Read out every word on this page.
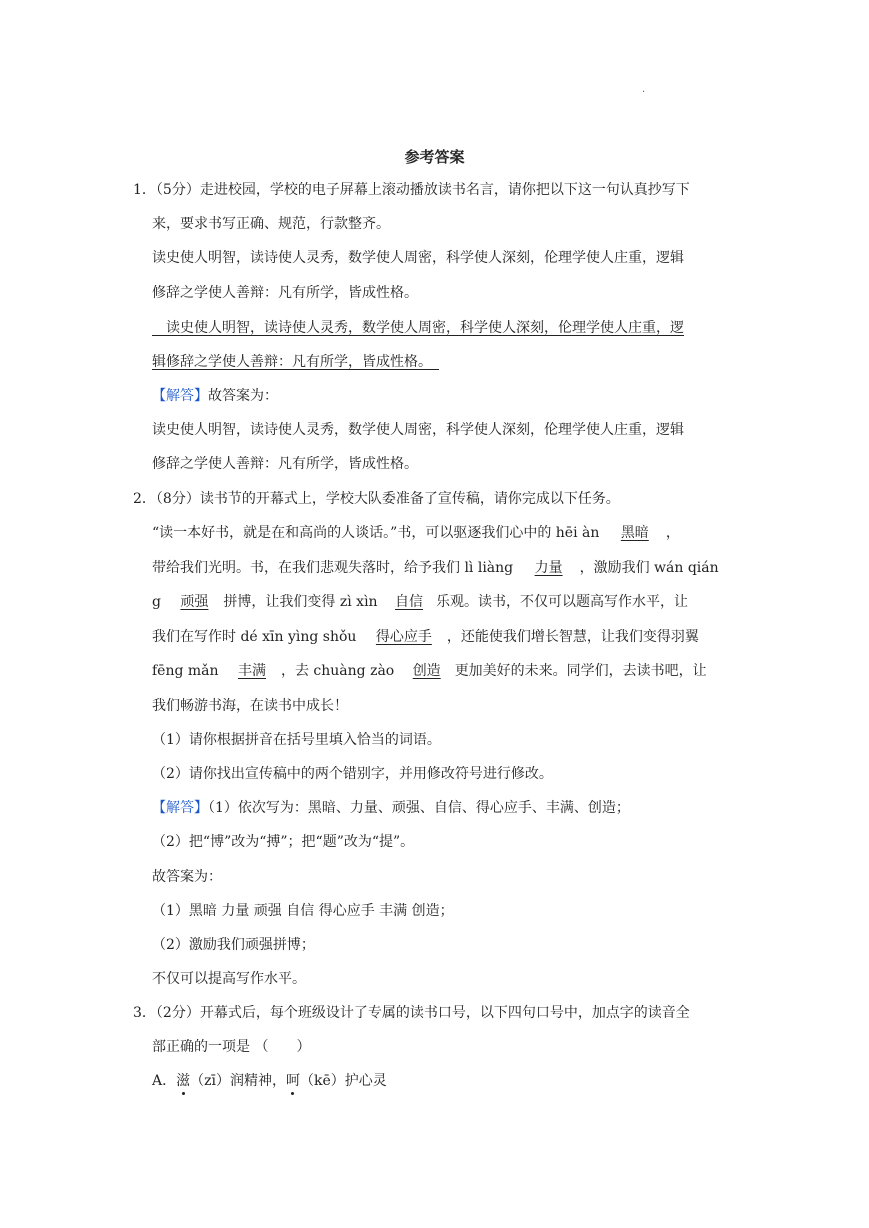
.
参考答案
1．（5分）走进校园，学校的电子屏幕上滚动播放读书名言，请你把以下这一句认真抄写下
来，要求书写正确、规范，行款整齐。
读史使人明智，读诗使人灵秀，数学使人周密，科学使人深刻，伦理学使人庄重，逻辑
修辞之学使人善辩：凡有所学，皆成性格。
　读史使人明智，读诗使人灵秀，数学使人周密，科学使人深刻，伦理学使人庄重，逻
辑修辞之学使人善辩：凡有所学，皆成性格。　
【解答】故答案为：
读史使人明智，读诗使人灵秀，数学使人周密，科学使人深刻，伦理学使人庄重，逻辑
修辞之学使人善辩：凡有所学，皆成性格。
2．（8分）读书节的开幕式上，学校大队委准备了宣传稿，请你完成以下任务。
“读一本好书，就是在和高尚的人谈话。”书，可以驱逐我们心中的 hēi àn 黑暗 ，
带给我们光明。书，在我们悲观失落时，给予我们 lì liàng 力量 ，激励我们 wán qián
g 顽强 拼博，让我们变得 zì xìn 自信 乐观。读书，不仅可以题高写作水平，让
我们在写作时 dé xīn yìng shǒu 得心应手 ，还能使我们增长智慧，让我们变得羽翼
fēng mǎn 丰满 ，去 chuàng zào 创造 更加美好的未来。同学们，去读书吧，让
我们畅游书海，在读书中成长！
（1）请你根据拼音在括号里填入恰当的词语。
（2）请你找出宣传稿中的两个错别字，并用修改符号进行修改。
【解答】（1）依次写为：黑暗、力量、顽强、自信、得心应手、丰满、创造；
（2）把“博”改为“搏”；把“题”改为“提”。
故答案为：
（1）黑暗 力量 顽强 自信 得心应手 丰满 创造；
（2）激励我们顽强拼博；
不仅可以提高写作水平。
3．（2分）开幕式后，每个班级设计了专属的读书口号，以下四句口号中，加点字的读音全
部正确的一项是 （　　）
A．滋（zī）润精神，呵（kē）护心灵
